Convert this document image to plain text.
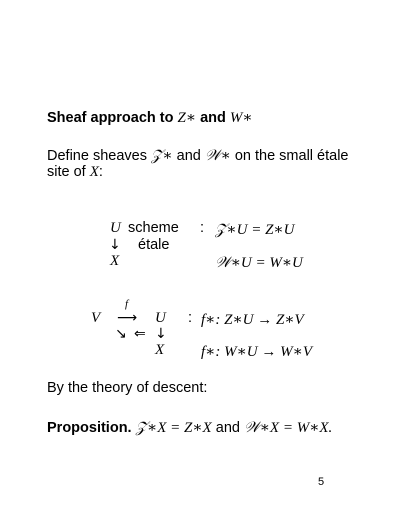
Sheaf approach to Z∗ and W∗
Define sheaves 𝒵∗ and 𝒲∗ on the small étale
site of X:
U scheme : 𝒵∗U = Z∗U
↓ étale
X	𝒲∗U = W∗U
V
f
⟶ U : f∗: Z∗U → Z∗V
↘ ⇐ ↓
X f∗: W∗U → W∗V
By the theory of descent:
Proposition. 𝒵∗X = Z∗X and 𝒲∗X = W∗X.
5
